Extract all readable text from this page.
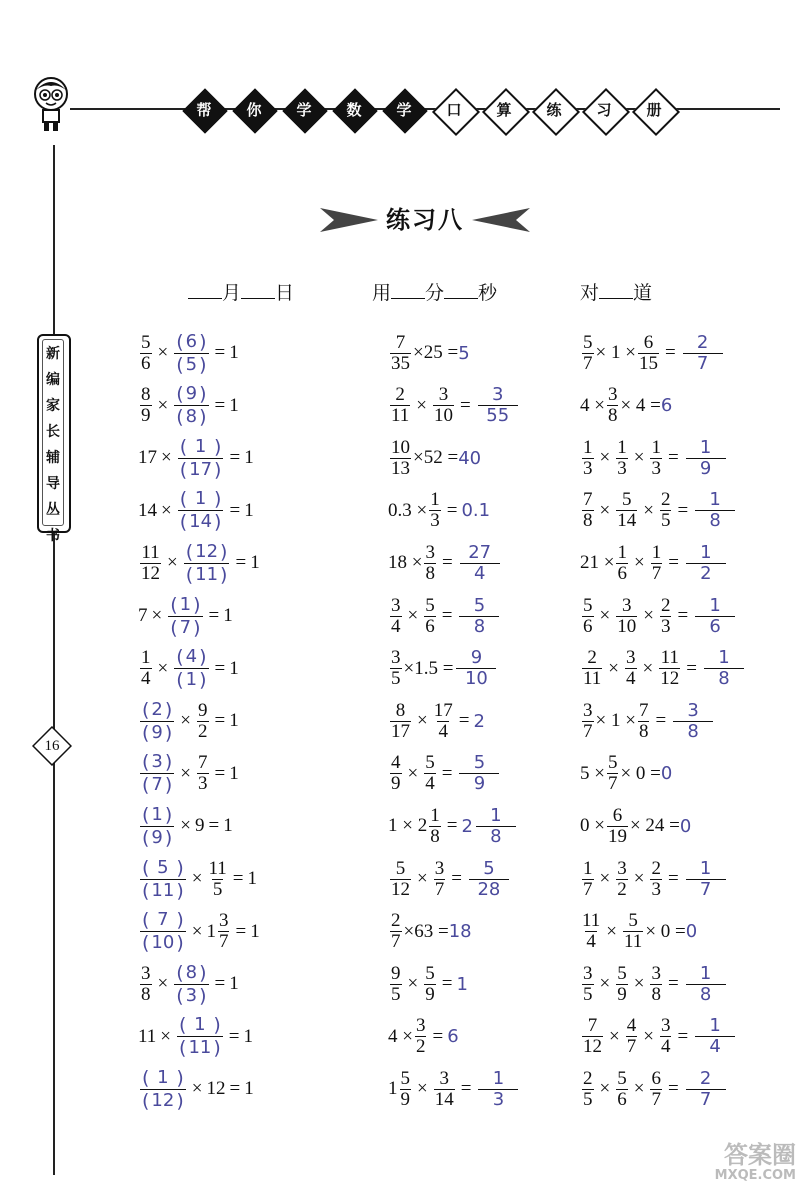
帮	你	学	数	学	口	算	练	习	册
练习八
新
编
家
长
辅
导
丛
书
16
月 日	用 分 秒	对 道
$\frac{5}{6} \times \frac{( 6 )}{( 5 )} = 1$
$\frac{8}{9} \times \frac{( 9 )}{( 8 )} = 1$
$17 \times \frac{( 1 )}{( 17 )} = 1$
$14 \times \frac{( 1 )}{( 14 )} = 1$
$\frac{11}{12} \times \frac{( 12 )}{( 11 )} = 1$
$7 \times \frac{( 1 )}{( 7 )} = 1$
$\frac{1}{4} \times \frac{( 4 )}{( 1 )} = 1$
$\frac{( 2 )}{( 9 )} \times \frac{9}{2} = 1$
$\frac{( 3 )}{( 7 )} \times \frac{7}{3} = 1$
$\frac{( 1 )}{( 9 )} \times 9 = 1$
$\frac{( 5 )}{( 11 )} \times \frac{11}{5} = 1$
$\frac{( 7 )}{( 10 )} \times 1 \frac{3}{7} = 1$
$\frac{3}{8} \times \frac{( 8 )}{( 3 )} = 1$
$11 \times \frac{( 1 )}{( 11 )} = 1$
$\frac{( 1 )}{( 12 )} \times 12 = 1$
$\frac{7}{35} \times 25 = 5$
$\frac{2}{11} \times \frac{3}{10} = \frac{3}{55}$
$\frac{10}{13} \times 52 = 40$
$0.3 \times \frac{1}{3} = 0.1$
$18 \times \frac{3}{8} = \frac{27}{4}$
$\frac{3}{4} \times \frac{5}{6} = \frac{5}{8}$
$\frac{3}{5} \times 1.5 = \frac{9}{10}$
$\frac{8}{17} \times \frac{17}{4} = 2$
$\frac{4}{9} \times \frac{5}{4} = \frac{5}{9}$
$1 \times 2 \frac{1}{8} = 2$
1
8
$\frac{5}{12} \times \frac{3}{7} = \frac{5}{28}$
$\frac{2}{7} \times 63 = 18$
$\frac{9}{5} \times \frac{5}{9} = 1$
$4 \times \frac{3}{2} = 6$
$1 \frac{5}{9} \times \frac{3}{14} = \frac{1}{3}$
$\frac{5}{7} \times 1 \times \frac{6}{15} = \frac{2}{7}$
$4 \times \frac{3}{8} \times 4 = 6$
$\frac{1}{3} \times \frac{1}{3} \times \frac{1}{3} = \frac{1}{9}$
$\frac{7}{8} \times \frac{5}{14} \times \frac{2}{5} = \frac{1}{8}$
$21 \times \frac{1}{6} \times \frac{1}{7} = \frac{1}{2}$
$\frac{5}{6} \times \frac{3}{10} \times \frac{2}{3} = \frac{1}{6}$
$\frac{2}{11} \times \frac{3}{4} \times \frac{11}{12} = \frac{1}{8}$
$\frac{3}{7} \times 1 \times \frac{7}{8} = \frac{3}{8}$
$5 \times \frac{5}{7} \times 0 = 0$
$0 \times \frac{6}{19} \times 24 = 0$
$\frac{1}{7} \times \frac{3}{2} \times \frac{2}{3} = \frac{1}{7}$
$\frac{11}{4} \times \frac{5}{11} \times 0 = 0$
$\frac{3}{5} \times \frac{5}{9} \times \frac{3}{8} = \frac{1}{8}$
$\frac{7}{12} \times \frac{4}{7} \times \frac{3}{4} = \frac{1}{4}$
$\frac{2}{5} \times \frac{5}{6} \times \frac{6}{7} = \frac{2}{7}$
答案圈
MXQE.COM
